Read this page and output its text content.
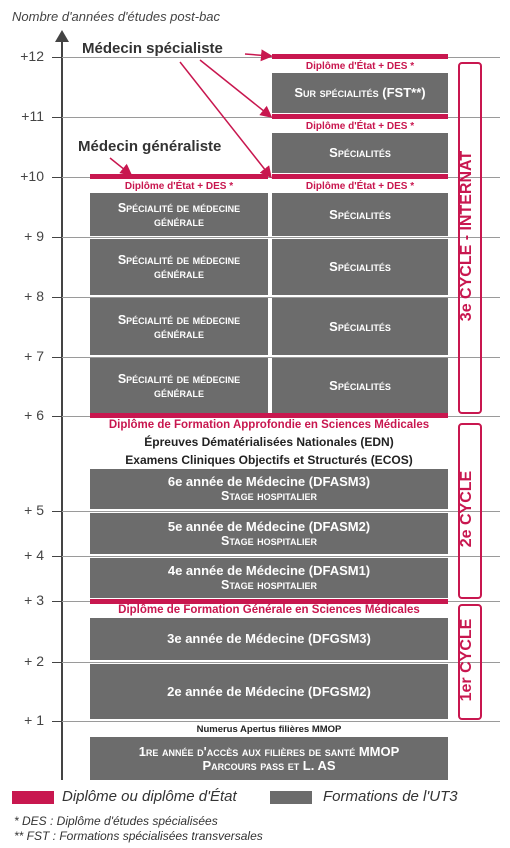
Nombre d'années d'études post-bac
+12
+11
+10
+ 9
+ 8
+ 7
+ 6
+ 5
+ 4
+ 3
+ 2
+ 1
Médecin spécialiste
Médecin généraliste
Diplôme d'État + DES *
Sur spécialités (FST**)
Diplôme d'État + DES *
Spécialités
Diplôme d'État + DES *
Spécialités
Spécialités
Spécialités
Spécialités
Diplôme d'État + DES *
Spécialité de médecine générale
Spécialité de médecine générale
Spécialité de médecine générale
Spécialité de médecine générale
Diplôme de Formation Approfondie en Sciences Médicales
Épreuves Dématérialisées Nationales (EDN)
Examens Cliniques Objectifs et Structurés (ECOS)
6e année de Médecine (DFASM3)
Stage hospitalier
5e année de Médecine (DFASM2)
Stage hospitalier
4e année de Médecine (DFASM1)
Stage hospitalier
Diplôme de Formation Générale en Sciences Médicales
3e année de Médecine (DFGSM3)
2e année de Médecine (DFGSM2)
Numerus Apertus filières MMOP
1re année d'accès aux filières de santé MMOP
Parcours pass et L. AS
3e CYCLE - INTERNAT
2e CYCLE
1er CYCLE
Diplôme ou diplôme d'État	Formations de l'UT3
* DES : Diplôme d'études spécialisées
** FST : Formations spécialisées transversales
